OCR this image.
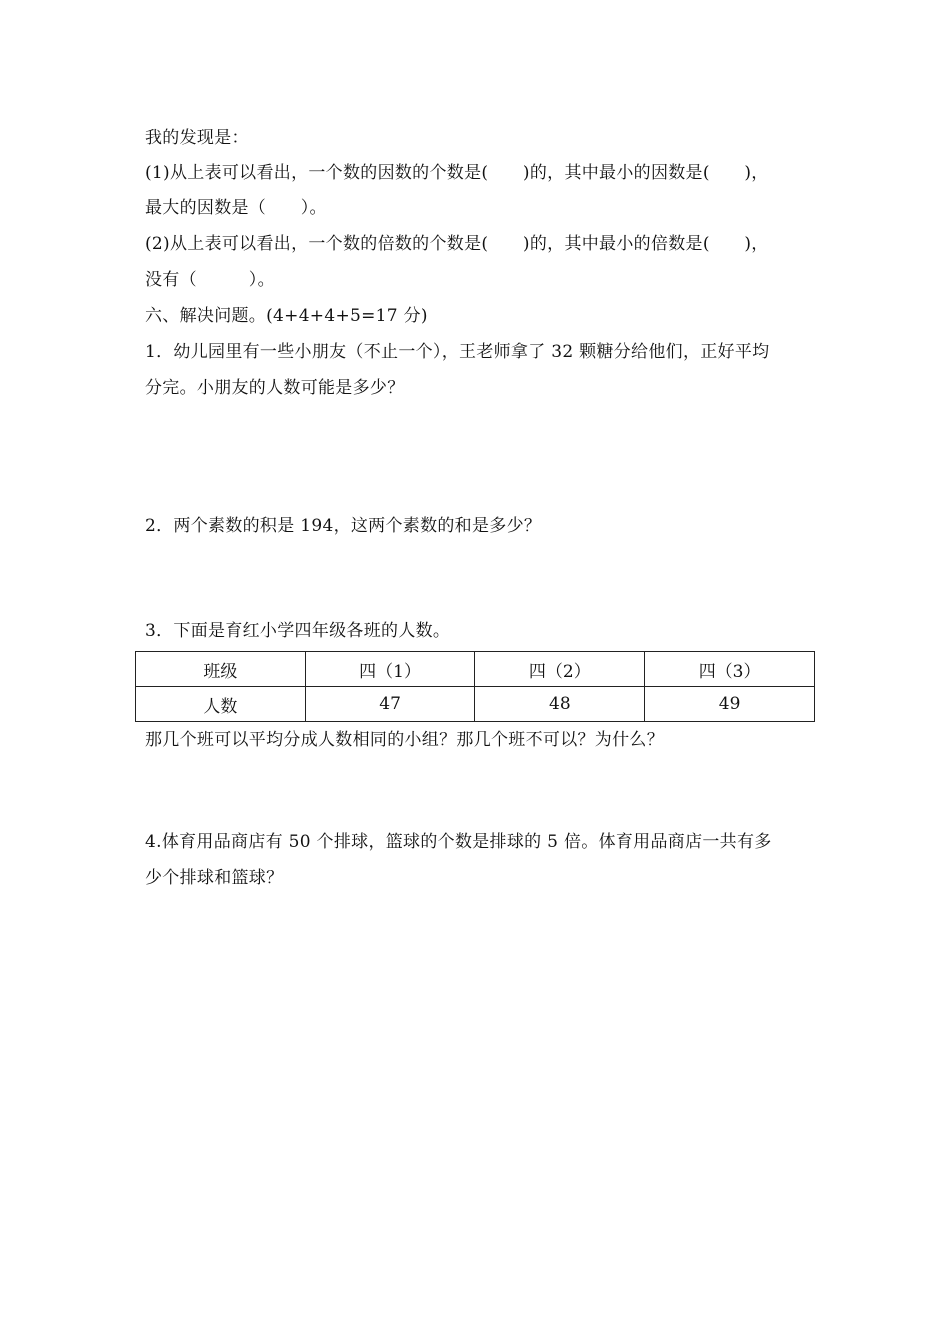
我的发现是：
(1)从上表可以看出，一个数的因数的个数是(　　)的，其中最小的因数是(　　)，
最大的因数是（　　）。
(2)从上表可以看出，一个数的倍数的个数是(　　)的，其中最小的倍数是(　　)，
没有（　　　）。
六、解决问题。(4+4+4+5=17 分)
1．幼儿园里有一些小朋友（不止一个），王老师拿了 32 颗糖分给他们，正好平均
分完。小朋友的人数可能是多少？
2．两个素数的积是 194，这两个素数的和是多少？
3．下面是育红小学四年级各班的人数。
班级	四（1）	四（2）	四（3）
人数	47	48	49
那几个班可以平均分成人数相同的小组？那几个班不可以？为什么？
4.体育用品商店有 50 个排球，篮球的个数是排球的 5 倍。体育用品商店一共有多
少个排球和篮球？
